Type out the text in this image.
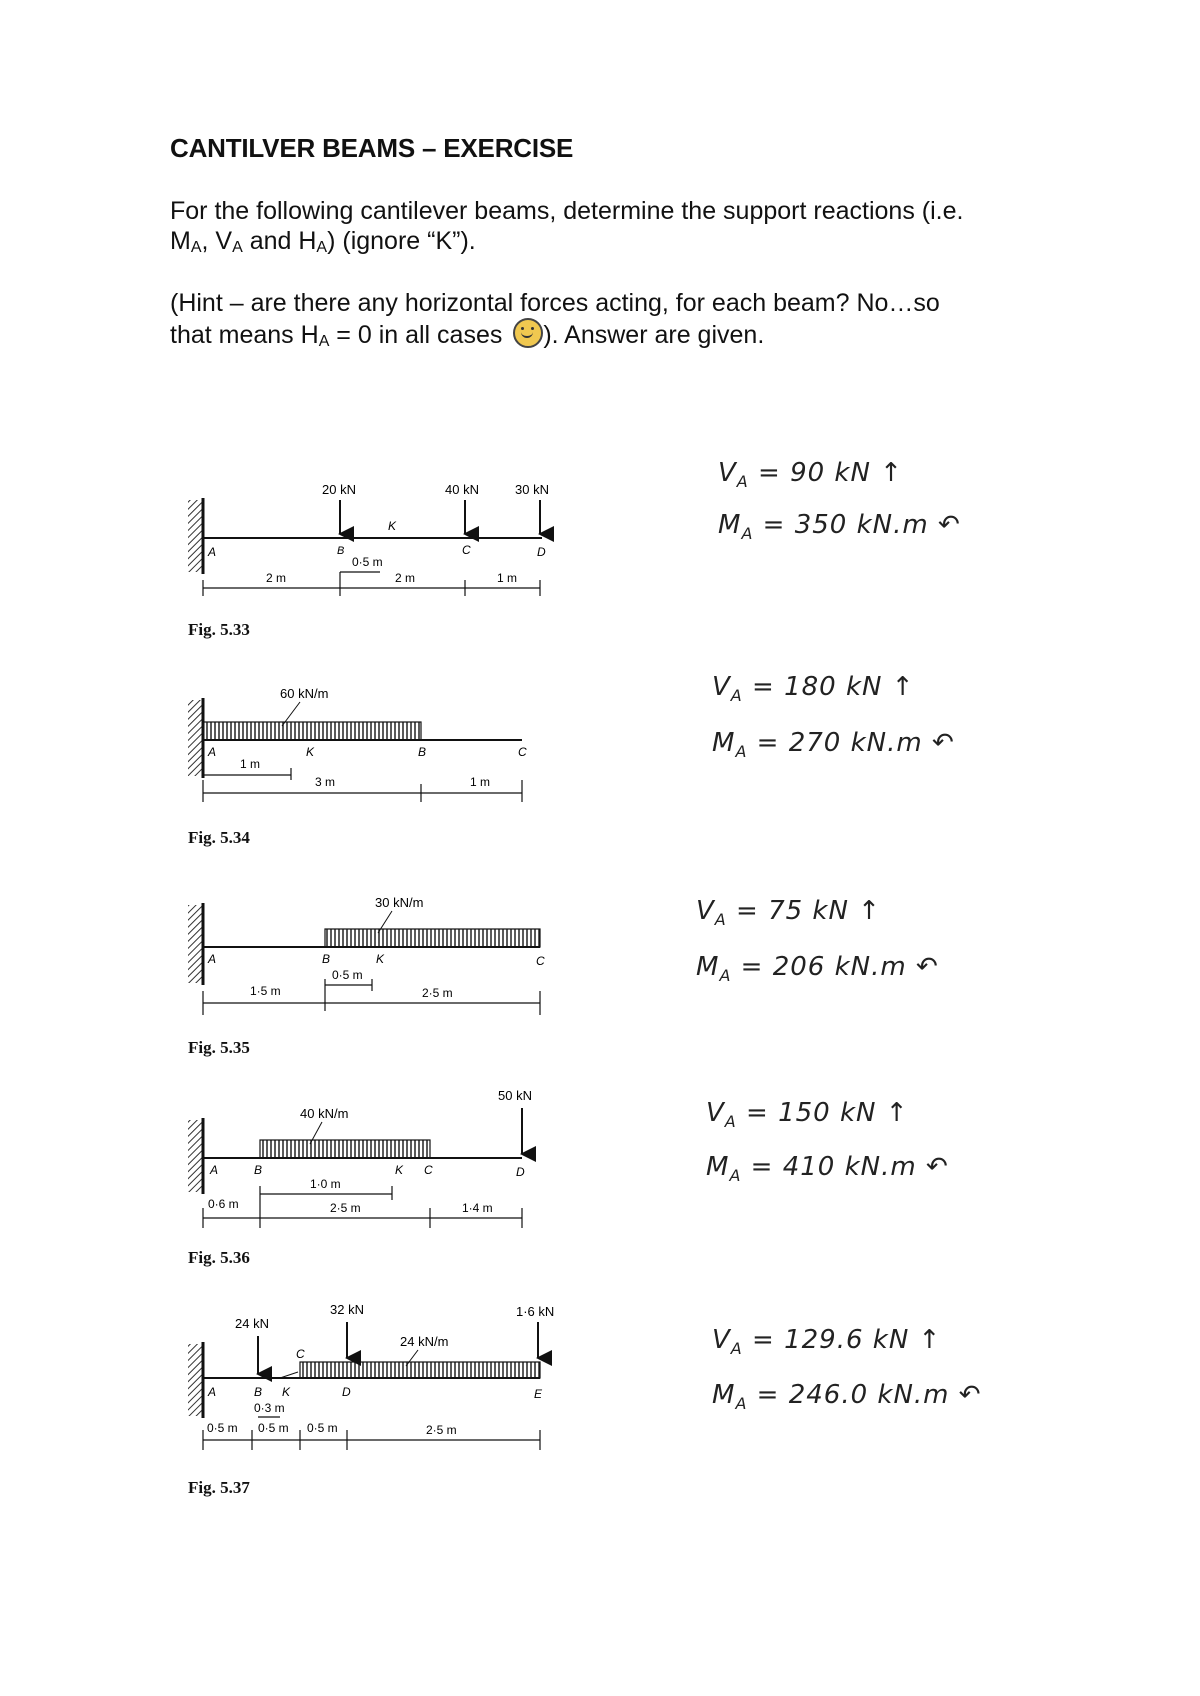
CANTILVER BEAMS – EXERCISE
For the following cantilever beams, determine the support reactions (i.e.
MA, VA and HA) (ignore “K”).
(Hint – are there any horizontal forces acting, for each beam? No…so
that means HA = 0 in all cases ). Answer are given.
20 kN	40 kN	30 kN
A	B
K
C	D
0·5 m
2 m	2 m	1 m
Fig. 5.33
60 kN/m
A	K	B	C
1 m
3 m	1 m
Fig. 5.34
30 kN/m
A	B	K	C
0·5 m
1·5 m	2·5 m
Fig. 5.35
40 kN/m
50 kN
A	B	K C	D
1·0 m
0·6 m	2·5 m	1·4 m
Fig. 5.36
24 kN
32 kN	1·6 kN
24 kN/m
C
A	B K	D	E
0·3 m
0·5 m 0·5 m 0·5 m	2·5 m
Fig. 5.37
$V_A = 90$ kN ↑
$M_A = 350$ kN.m ↶
$V_A = 180$ kN ↑
$M_A = 270$ kN.m ↶
$V_A = 75$ kN ↑
$M_A = 206$ kN.m ↶
$V_A = 150$ kN ↑
$M_A = 410$ kN.m ↶
$V_A = 129.6$ kN ↑
$M_A = 246.0$ kN.m ↶
